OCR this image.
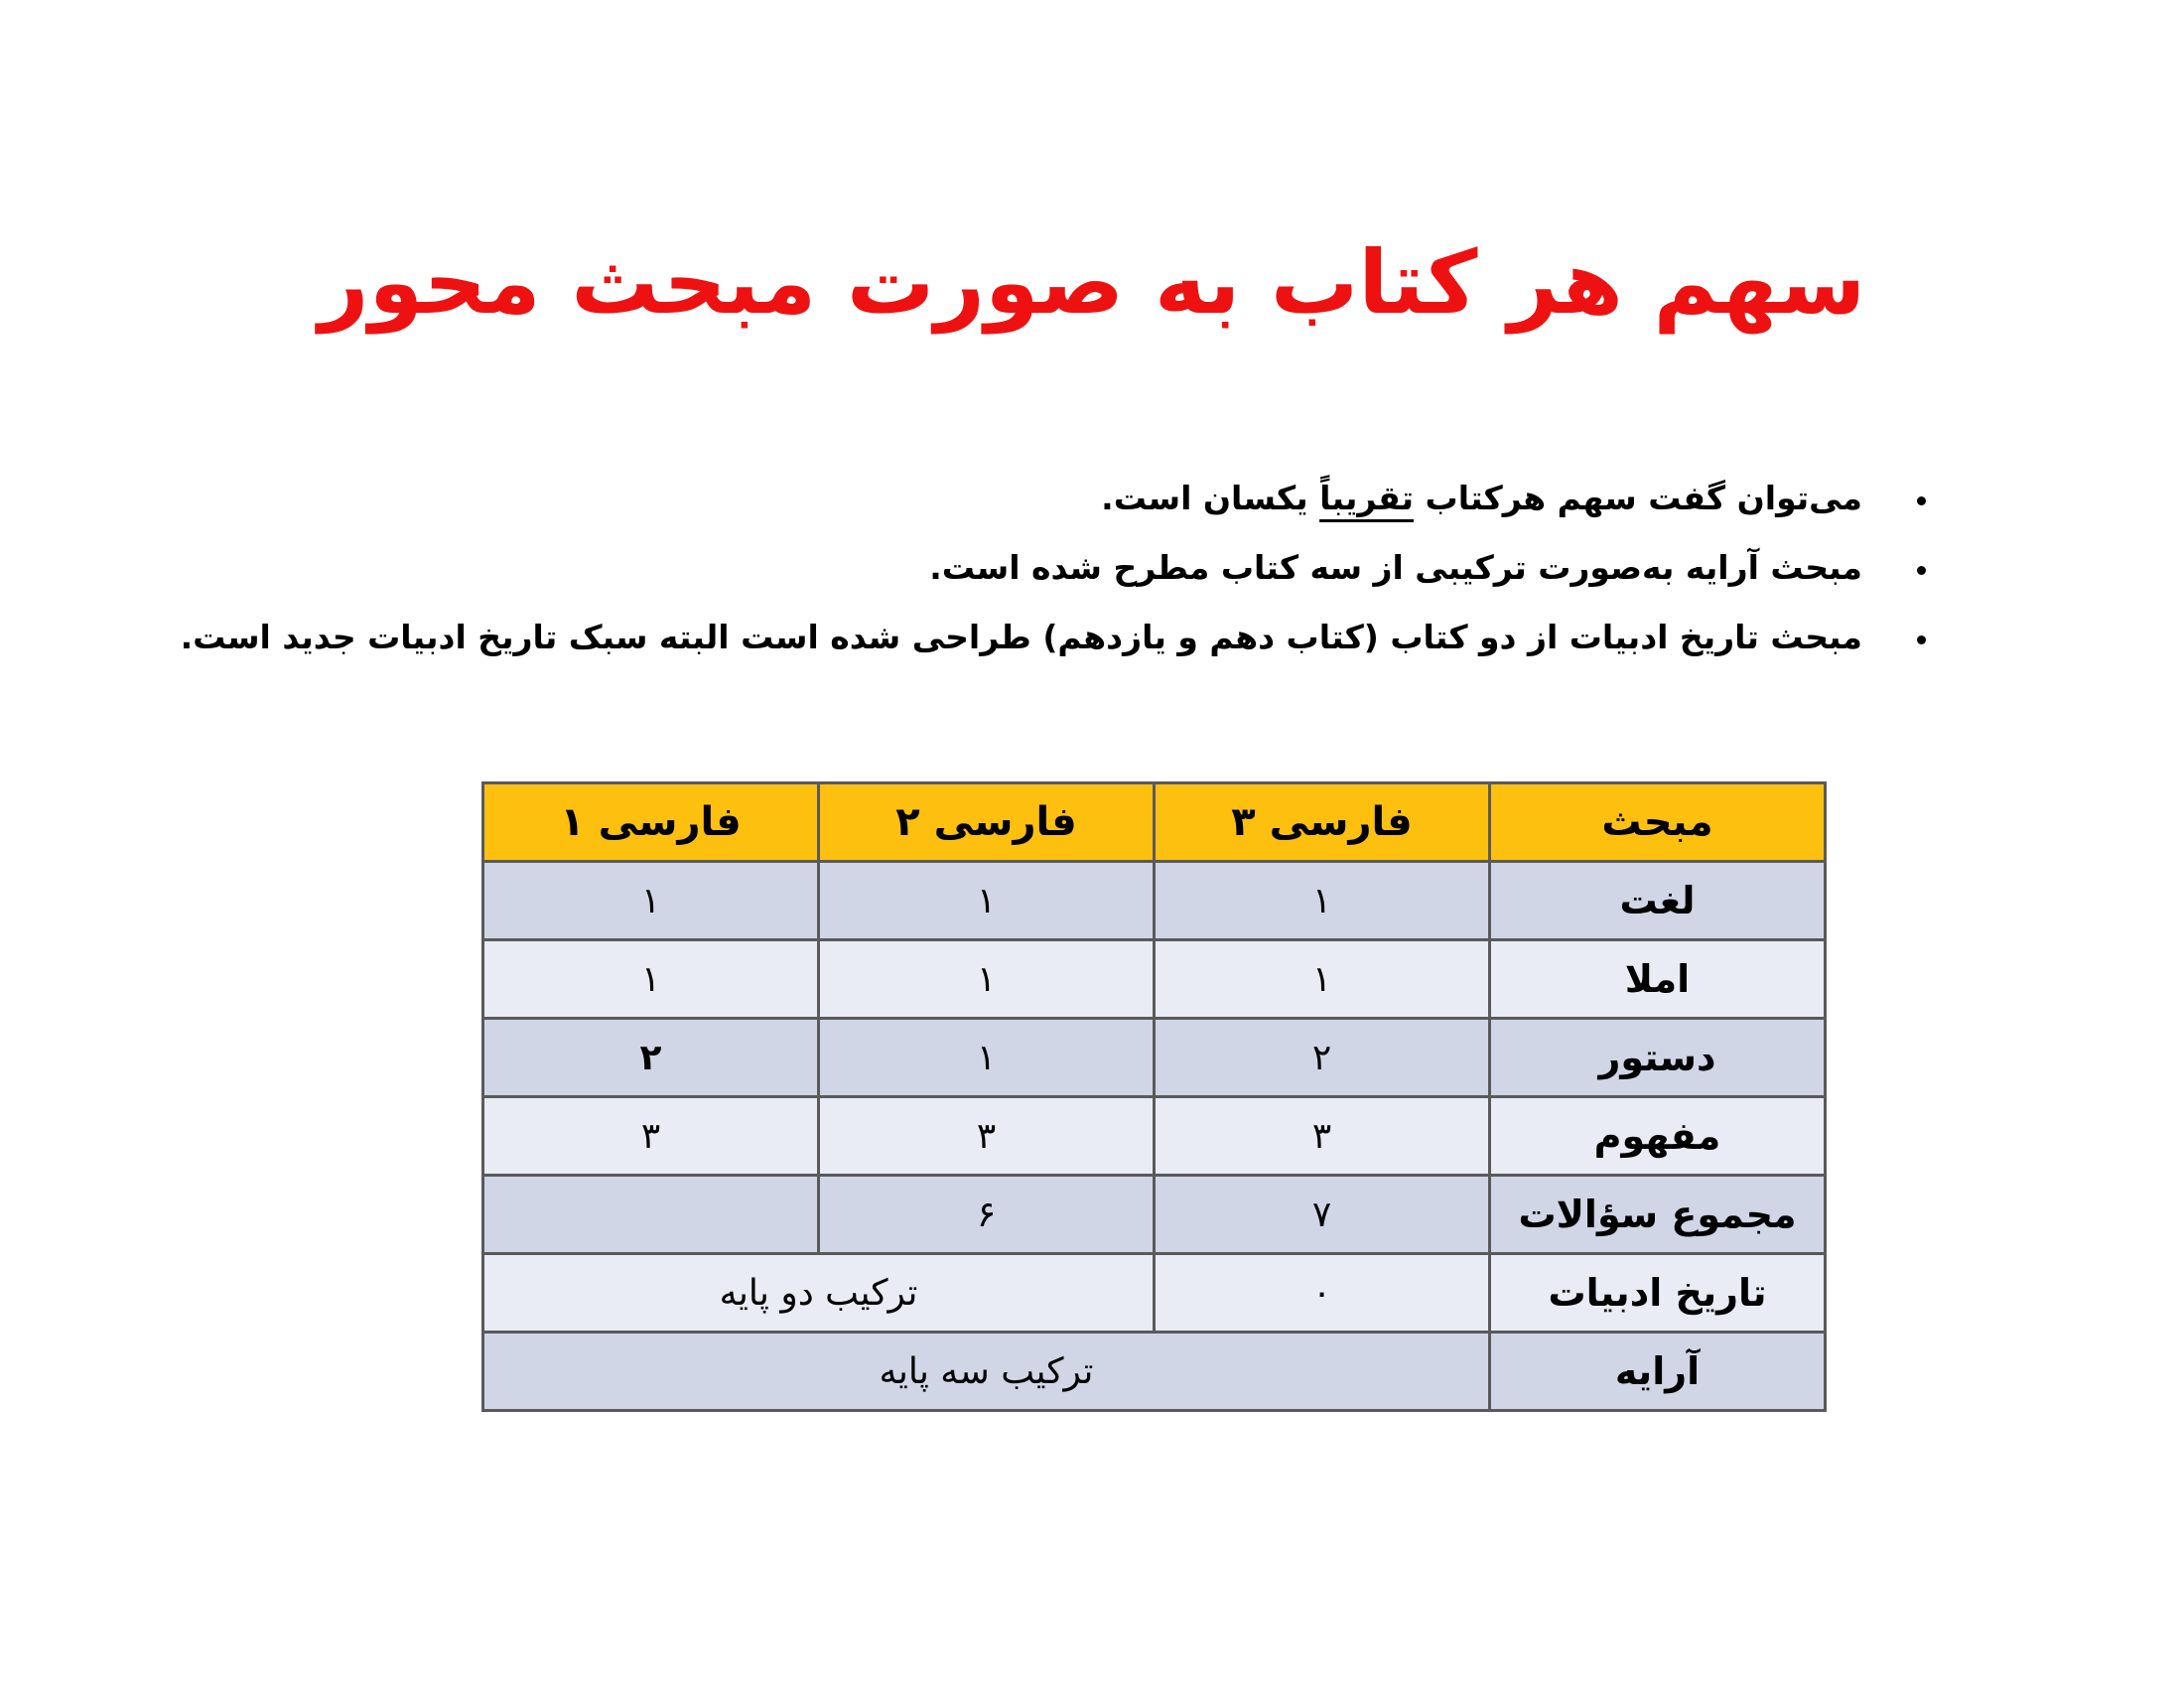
سهم هر کتاب به صورت مبحث محور
می‌توان گفت سهم هرکتاب تقریباً یکسان است.
مبحث آرایه به‌صورت ترکیبی از سه کتاب مطرح شده است.
مبحث تاریخ ادبیات از دو کتاب (کتاب دهم و یازدهم) طراحی شده است البته سبک تاریخ ادبیات جدید است.
مبحث	فارسی ۳	فارسی ۲	فارسی ۱
لغت	۱	۱	۱
املا	۱	۱	۱
دستور	۲	۱	۲
مفهوم	۳	۳	۳
مجموع سؤالات	۷	۶	
تاریخ ادبیات	۰	ترکیب دو پایه	
آرایه	ترکیب سه پایه		
